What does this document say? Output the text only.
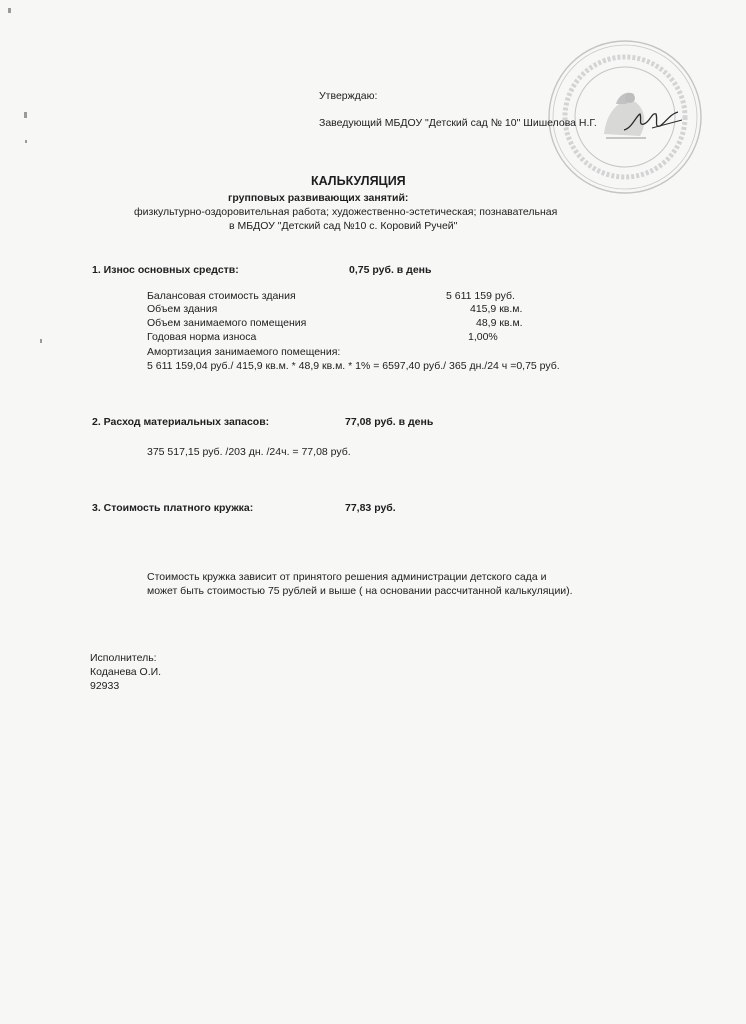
Утверждаю:
Заведующий МБДОУ "Детский сад № 10" Шишелова Н.Г.
КАЛЬКУЛЯЦИЯ
групповых развивающих занятий:
физкультурно-оздоровительная работа; художественно-эстетическая; познавательная
в МБДОУ "Детский сад №10 с. Коровий Ручей"
1. Износ основных средств:	0,75 руб. в день
Балансовая стоимость здания	5 611 159 руб.
Объем здания	415,9 кв.м.
Объем занимаемого помещения	48,9 кв.м.
Годовая норма износа	1,00%
Амортизация занимаемого помещения:
5 611 159,04 руб./ 415,9 кв.м. * 48,9 кв.м. * 1% = 6597,40 руб./ 365 дн./24 ч =0,75 руб.
2. Расход материальных запасов:	77,08 руб. в день
375 517,15 руб. /203 дн. /24ч. = 77,08 руб.
3. Стоимость платного кружка:	77,83 руб.
Стоимость кружка зависит от принятого решения администрации детского сада и
может быть стоимостью 75 рублей и выше ( на основании рассчитанной калькуляции).
Исполнитель:
Коданева О.И.
92933
